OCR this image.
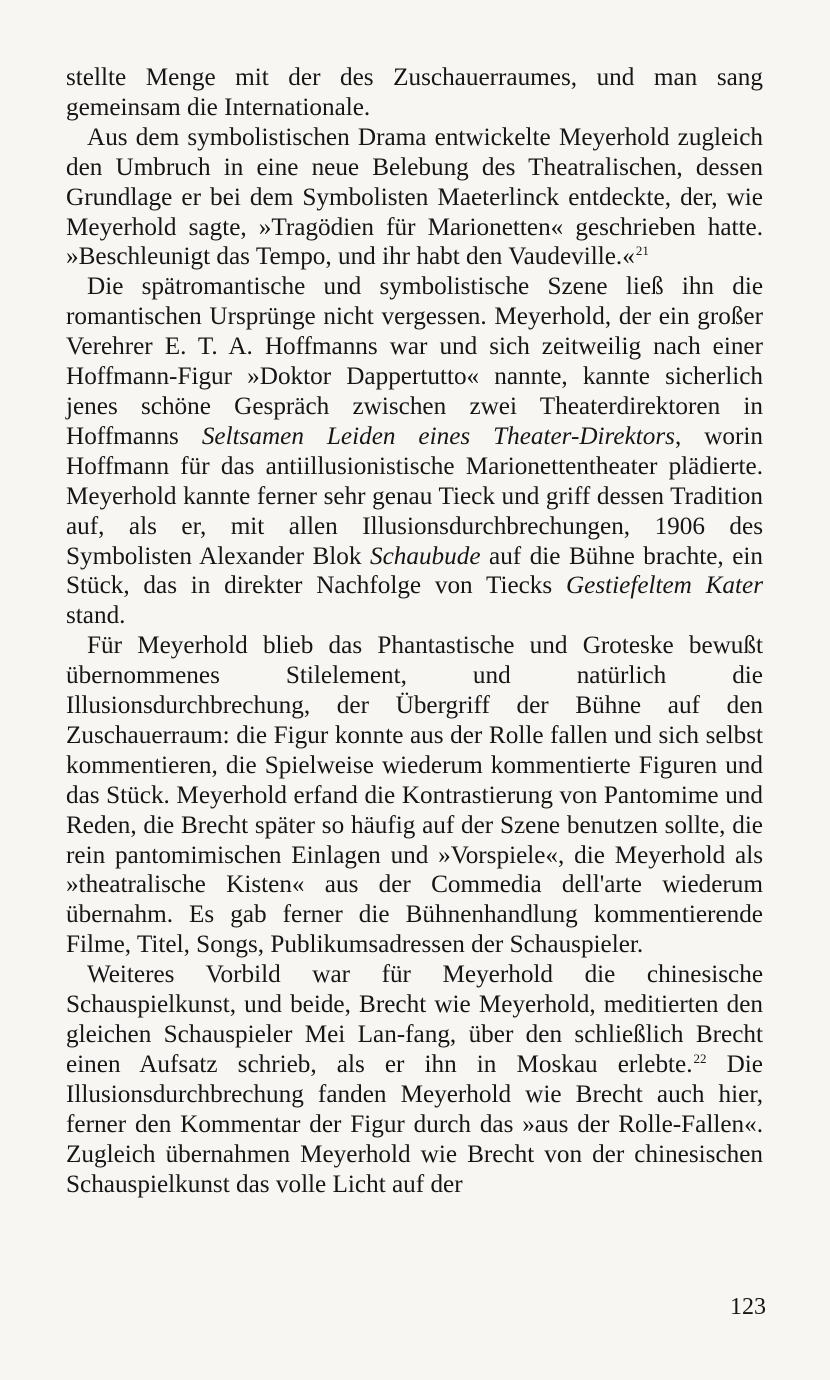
stellte Menge mit der des Zuschauerraumes, und man sang gemeinsam die Internationale.

Aus dem symbolistischen Drama entwickelte Meyerhold zugleich den Umbruch in eine neue Belebung des Theatralischen, dessen Grundlage er bei dem Symbolisten Maeterlinck entdeckte, der, wie Meyerhold sagte, »Tragödien für Marionetten« geschrieben hatte. »Beschleunigt das Tempo, und ihr habt den Vaudeville.«$^{21}$

Die spätromantische und symbolistische Szene ließ ihn die romantischen Ursprünge nicht vergessen. Meyerhold, der ein großer Verehrer E. T. A. Hoffmanns war und sich zeitweilig nach einer Hoffmann-Figur »Doktor Dappertutto« nannte, kannte sicherlich jenes schöne Gespräch zwischen zwei Theaterdirektoren in Hoffmanns Seltsamen Leiden eines Theater-Direktors, worin Hoffmann für das antiillusionistische Marionettentheater plädierte. Meyerhold kannte ferner sehr genau Tieck und griff dessen Tradition auf, als er, mit allen Illusionsdurchbrechungen, 1906 des Symbolisten Alexander Blok Schaubude auf die Bühne brachte, ein Stück, das in direkter Nachfolge von Tiecks Gestiefeltem Kater stand.

Für Meyerhold blieb das Phantastische und Groteske bewußt übernommenes Stilelement, und natürlich die Illusionsdurchbrechung, der Übergriff der Bühne auf den Zuschauerraum: die Figur konnte aus der Rolle fallen und sich selbst kommentieren, die Spielweise wiederum kommentierte Figuren und das Stück. Meyerhold erfand die Kontrastierung von Pantomime und Reden, die Brecht später so häufig auf der Szene benutzen sollte, die rein pantomimischen Einlagen und »Vorspiele«, die Meyerhold als »theatralische Kisten« aus der Commedia dell'arte wiederum übernahm. Es gab ferner die Bühnenhandlung kommentierende Filme, Titel, Songs, Publikumsadressen der Schauspieler.

Weiteres Vorbild war für Meyerhold die chinesische Schauspielkunst, und beide, Brecht wie Meyerhold, meditierten den gleichen Schauspieler Mei Lan-fang, über den schließlich Brecht einen Aufsatz schrieb, als er ihn in Moskau erlebte.$^{22}$ Die Illusionsdurchbrechung fanden Meyerhold wie Brecht auch hier, ferner den Kommentar der Figur durch das »aus der Rolle-Fallen«. Zugleich übernahmen Meyerhold wie Brecht von der chinesischen Schauspielkunst das volle Licht auf der

123
